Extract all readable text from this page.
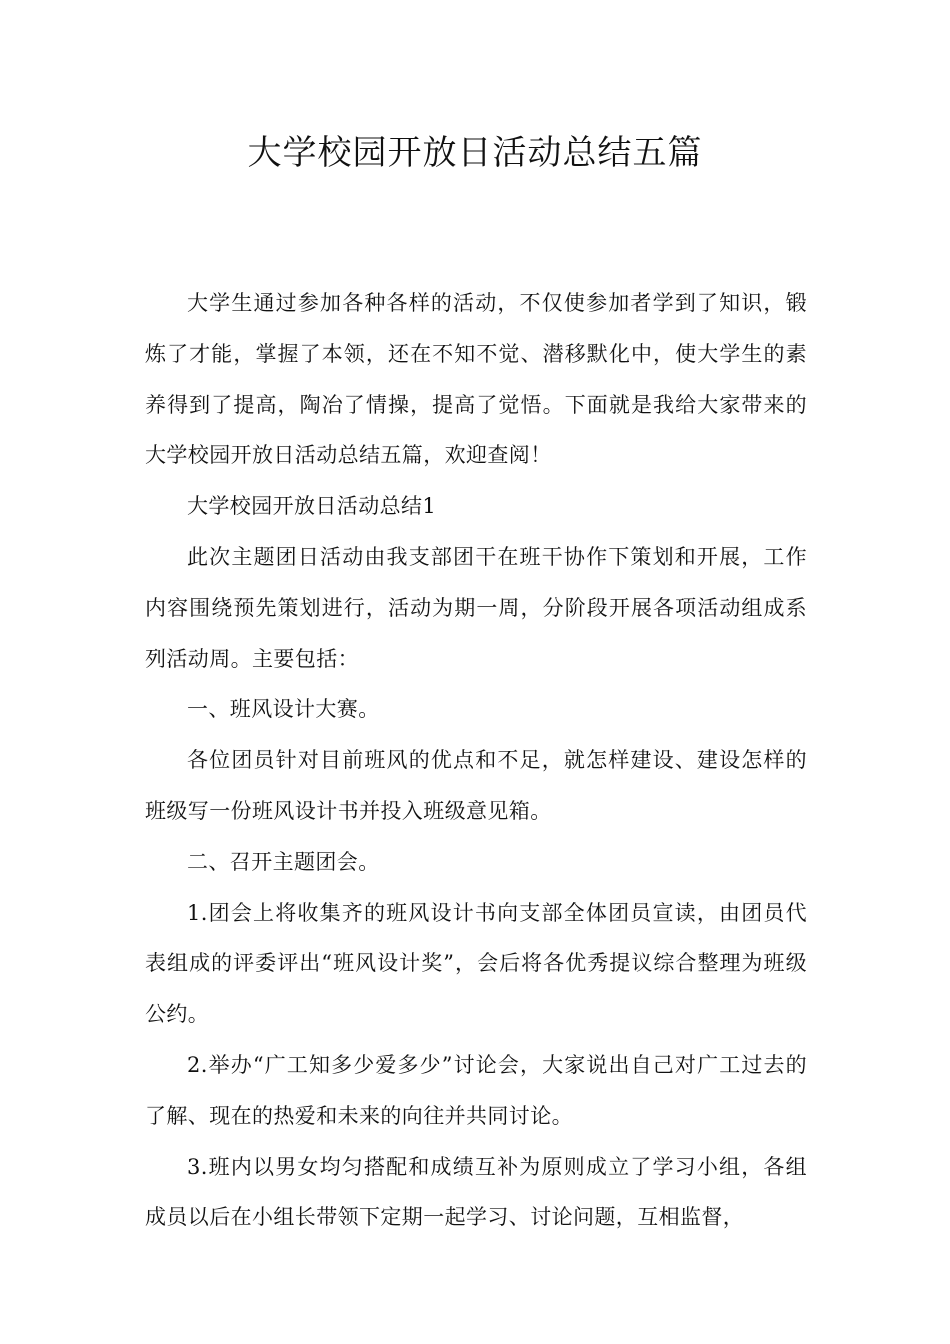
大学校园开放日活动总结五篇

大学生通过参加各种各样的活动，不仅使参加者学到了知识，锻炼了才能，掌握了本领，还在不知不觉、潜移默化中，使大学生的素养得到了提高，陶冶了情操，提高了觉悟。下面就是我给大家带来的大学校园开放日活动总结五篇，欢迎查阅！

大学校园开放日活动总结1

此次主题团日活动由我支部团干在班干协作下策划和开展，工作内容围绕预先策划进行，活动为期一周，分阶段开展各项活动组成系列活动周。主要包括：

一、班风设计大赛。

各位团员针对目前班风的优点和不足，就怎样建设、建设怎样的班级写一份班风设计书并投入班级意见箱。

二、召开主题团会。

1.团会上将收集齐的班风设计书向支部全体团员宣读，由团员代表组成的评委评出“班风设计奖”，会后将各优秀提议综合整理为班级公约。

2.举办“广工知多少爱多少”讨论会，大家说出自己对广工过去的了解、现在的热爱和未来的向往并共同讨论。

3.班内以男女均匀搭配和成绩互补为原则成立了学习小组，各组成员以后在小组长带领下定期一起学习、讨论问题，互相监督，
